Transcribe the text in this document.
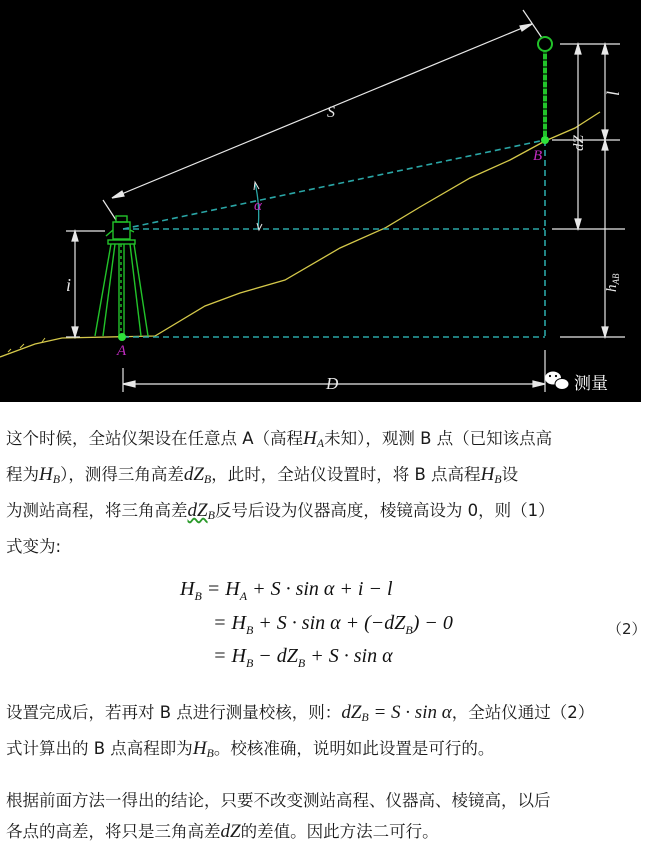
S
α
i
B
A
D
l
dZ
$h_{AB}$
测量
这个时候，全站仪架设在任意点 A（高程$H_A$未知），观测 B 点（已知该点高
程为$H_B$），测得三角高差$dZ_B$，此时，全站仪设置时，将 B 点高程$H_B$设
为测站高程，将三角高差$dZ_B$反号后设为仪器高度，棱镜高设为 0，则（1）
式变为:
$H_B = H_A + S \cdot \sin \alpha + i - l$
= $H_B + S \cdot \sin \alpha + (-dZ_B) - 0$
= $H_B - dZ_B + S \cdot \sin \alpha$
（2）
设置完成后，若再对 B 点进行测量校核，则：$dZ_B = S \cdot \sin \alpha$，全站仪通过（2）
式计算出的 B 点高程即为$H_B$。校核准确，说明如此设置是可行的。
根据前面方法一得出的结论，只要不改变测站高程、仪器高、棱镜高，以后
各点的高差，将只是三角高差dZ的差值。因此方法二可行。
